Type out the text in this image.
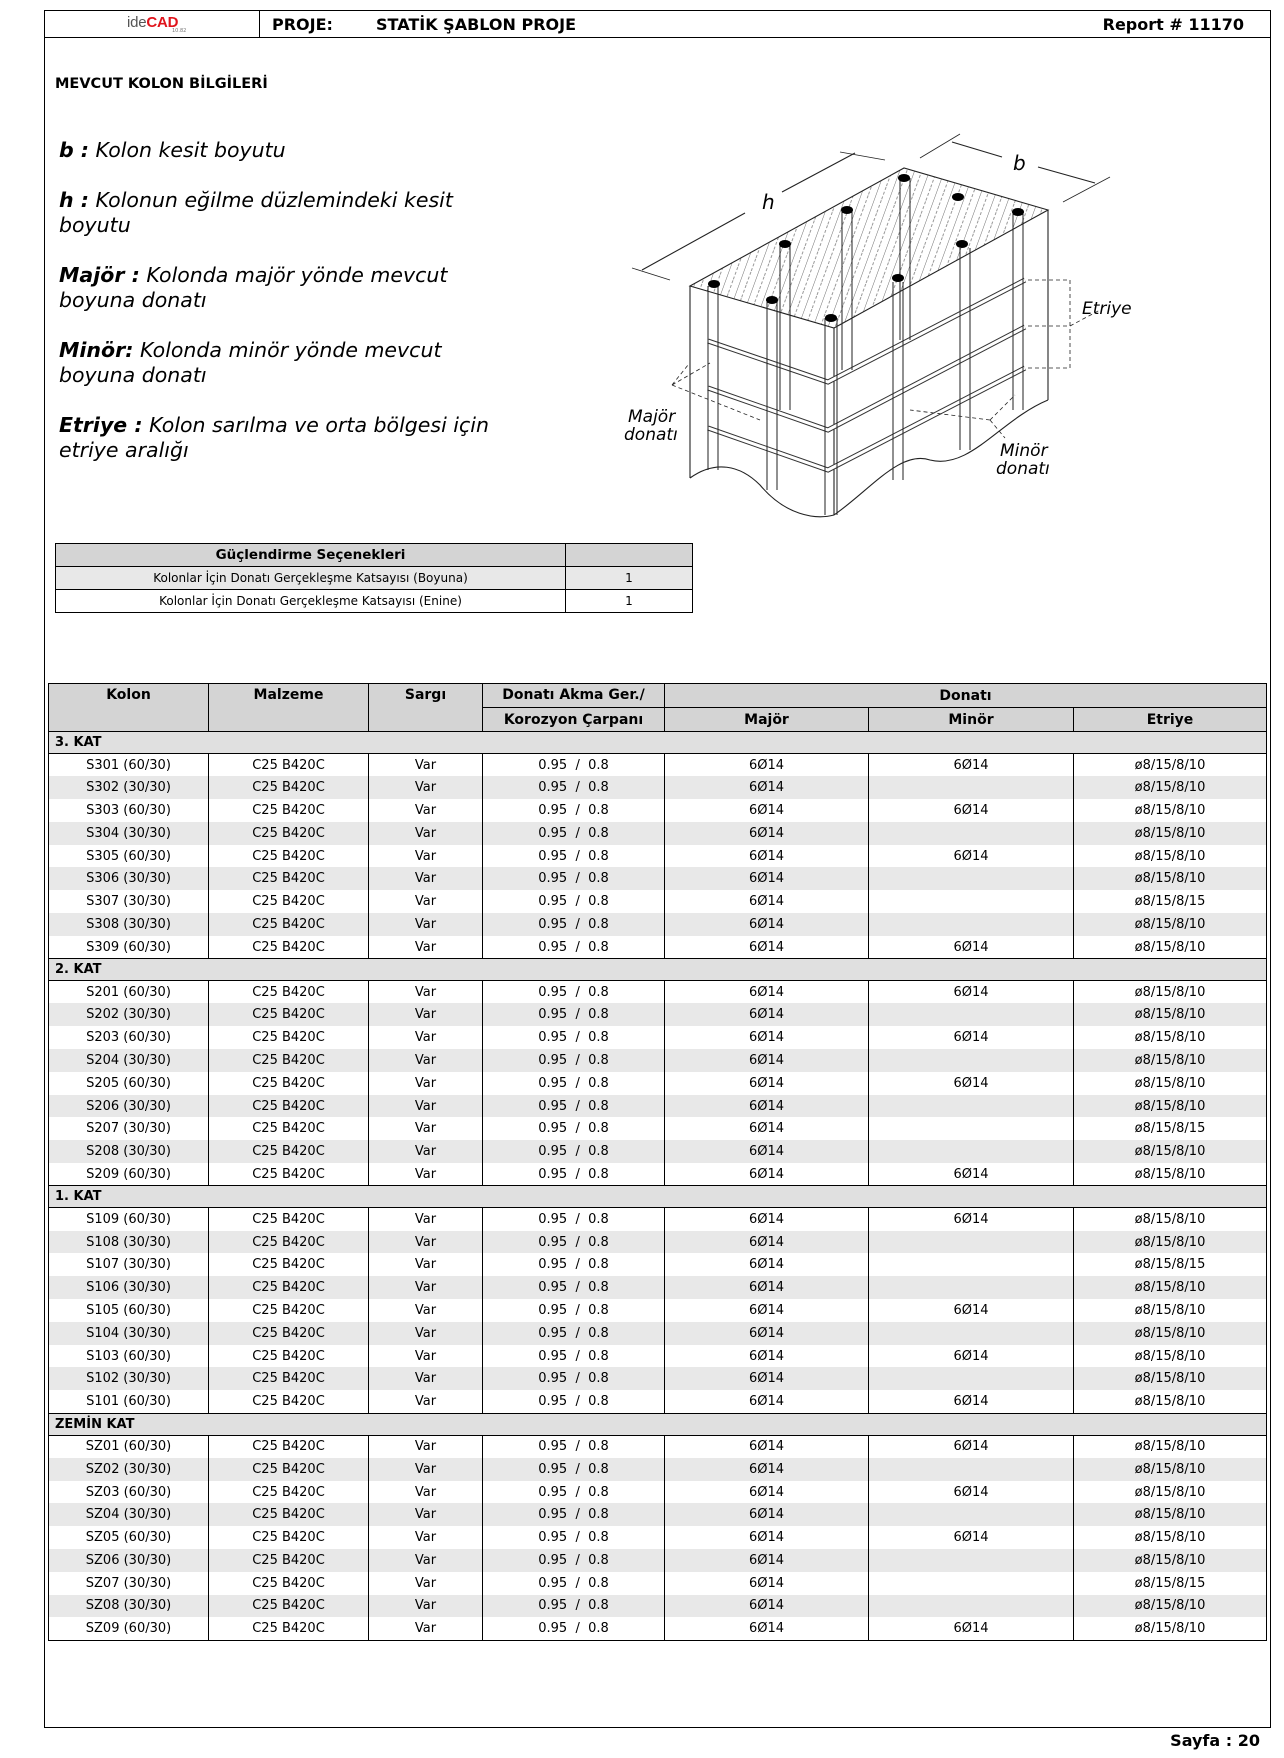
ideCAD
10.82	PROJE:	STATİK ŞABLON PROJE	Report # 11170
MEVCUT KOLON BİLGİLERİ
b : Kolon kesit boyutu
h : Kolonun eğilme düzlemindeki kesit boyutu
Majör : Kolonda majör yönde mevcut boyuna donatı
Minör: Kolonda minör yönde mevcut boyuna donatı
Etriye : Kolon sarılma ve orta bölgesi için etriye aralığı
h
b
Etriye
Majör
donatı
Minör
donatı
Güçlendirme Seçenekleri	
Kolonlar İçin Donatı Gerçekleşme Katsayısı (Boyuna)	1
Kolonlar İçin Donatı Gerçekleşme Katsayısı (Enine)	1
Kolon	Malzeme	Sargı	Donatı Akma Ger./	Donatı		
			Korozyon Çarpanı	Majör	Minör	Etriye
3. KAT						
S301 (60/30)	C25 B420C	Var	0.95  /  0.8	6Ø14	6Ø14	ø8/15/8/10
S302 (30/30)	C25 B420C	Var	0.95  /  0.8	6Ø14		ø8/15/8/10
S303 (60/30)	C25 B420C	Var	0.95  /  0.8	6Ø14	6Ø14	ø8/15/8/10
S304 (30/30)	C25 B420C	Var	0.95  /  0.8	6Ø14		ø8/15/8/10
S305 (60/30)	C25 B420C	Var	0.95  /  0.8	6Ø14	6Ø14	ø8/15/8/10
S306 (30/30)	C25 B420C	Var	0.95  /  0.8	6Ø14		ø8/15/8/10
S307 (30/30)	C25 B420C	Var	0.95  /  0.8	6Ø14		ø8/15/8/15
S308 (30/30)	C25 B420C	Var	0.95  /  0.8	6Ø14		ø8/15/8/10
S309 (60/30)	C25 B420C	Var	0.95  /  0.8	6Ø14	6Ø14	ø8/15/8/10
2. KAT						
S201 (60/30)	C25 B420C	Var	0.95  /  0.8	6Ø14	6Ø14	ø8/15/8/10
S202 (30/30)	C25 B420C	Var	0.95  /  0.8	6Ø14		ø8/15/8/10
S203 (60/30)	C25 B420C	Var	0.95  /  0.8	6Ø14	6Ø14	ø8/15/8/10
S204 (30/30)	C25 B420C	Var	0.95  /  0.8	6Ø14		ø8/15/8/10
S205 (60/30)	C25 B420C	Var	0.95  /  0.8	6Ø14	6Ø14	ø8/15/8/10
S206 (30/30)	C25 B420C	Var	0.95  /  0.8	6Ø14		ø8/15/8/10
S207 (30/30)	C25 B420C	Var	0.95  /  0.8	6Ø14		ø8/15/8/15
S208 (30/30)	C25 B420C	Var	0.95  /  0.8	6Ø14		ø8/15/8/10
S209 (60/30)	C25 B420C	Var	0.95  /  0.8	6Ø14	6Ø14	ø8/15/8/10
1. KAT						
S109 (60/30)	C25 B420C	Var	0.95  /  0.8	6Ø14	6Ø14	ø8/15/8/10
S108 (30/30)	C25 B420C	Var	0.95  /  0.8	6Ø14		ø8/15/8/10
S107 (30/30)	C25 B420C	Var	0.95  /  0.8	6Ø14		ø8/15/8/15
S106 (30/30)	C25 B420C	Var	0.95  /  0.8	6Ø14		ø8/15/8/10
S105 (60/30)	C25 B420C	Var	0.95  /  0.8	6Ø14	6Ø14	ø8/15/8/10
S104 (30/30)	C25 B420C	Var	0.95  /  0.8	6Ø14		ø8/15/8/10
S103 (60/30)	C25 B420C	Var	0.95  /  0.8	6Ø14	6Ø14	ø8/15/8/10
S102 (30/30)	C25 B420C	Var	0.95  /  0.8	6Ø14		ø8/15/8/10
S101 (60/30)	C25 B420C	Var	0.95  /  0.8	6Ø14	6Ø14	ø8/15/8/10
ZEMİN KAT						
SZ01 (60/30)	C25 B420C	Var	0.95  /  0.8	6Ø14	6Ø14	ø8/15/8/10
SZ02 (30/30)	C25 B420C	Var	0.95  /  0.8	6Ø14		ø8/15/8/10
SZ03 (60/30)	C25 B420C	Var	0.95  /  0.8	6Ø14	6Ø14	ø8/15/8/10
SZ04 (30/30)	C25 B420C	Var	0.95  /  0.8	6Ø14		ø8/15/8/10
SZ05 (60/30)	C25 B420C	Var	0.95  /  0.8	6Ø14	6Ø14	ø8/15/8/10
SZ06 (30/30)	C25 B420C	Var	0.95  /  0.8	6Ø14		ø8/15/8/10
SZ07 (30/30)	C25 B420C	Var	0.95  /  0.8	6Ø14		ø8/15/8/15
SZ08 (30/30)	C25 B420C	Var	0.95  /  0.8	6Ø14		ø8/15/8/10
SZ09 (60/30)	C25 B420C	Var	0.95  /  0.8	6Ø14	6Ø14	ø8/15/8/10
Sayfa : 20
